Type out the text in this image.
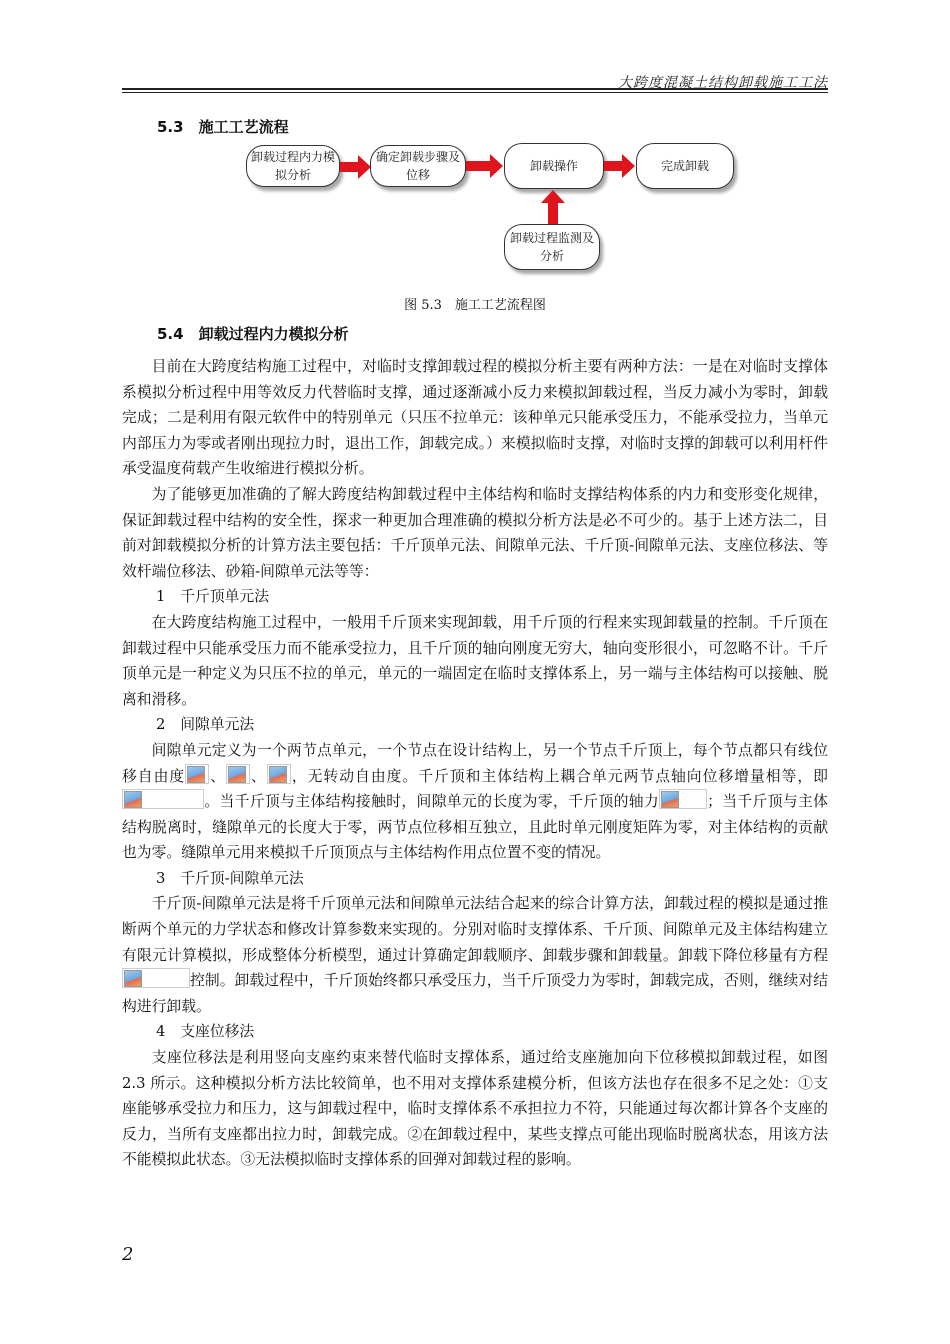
大跨度混凝土结构卸载施工工法
5.3　施工工艺流程
卸载过程内力模拟分析
确定卸载步骤及位移
卸载操作	完成卸载
卸载过程监测及分析
图 5.3　施工工艺流程图
5.4　卸载过程内力模拟分析

目前在大跨度结构施工过程中，对临时支撑卸载过程的模拟分析主要有两种方法：一是在对临时支撑体系模拟分析过程中用等效反力代替临时支撑，通过逐渐减小反力来模拟卸载过程，当反力减小为零时，卸载完成；二是利用有限元软件中的特别单元（只压不拉单元：该种单元只能承受压力，不能承受拉力，当单元内部压力为零或者刚出现拉力时，退出工作，卸载完成。）来模拟临时支撑，对临时支撑的卸载可以利用杆件承受温度荷载产生收缩进行模拟分析。

为了能够更加准确的了解大跨度结构卸载过程中主体结构和临时支撑结构体系的内力和变形变化规律，保证卸载过程中结构的安全性，探求一种更加合理准确的模拟分析方法是必不可少的。基于上述方法二，目前对卸载模拟分析的计算方法主要包括：千斤顶单元法、间隙单元法、千斤顶-间隙单元法、支座位移法、等效杆端位移法、砂箱-间隙单元法等等：

1　千斤顶单元法

在大跨度结构施工过程中，一般用千斤顶来实现卸载，用千斤顶的行程来实现卸载量的控制。千斤顶在卸载过程中只能承受压力而不能承受拉力，且千斤顶的轴向刚度无穷大，轴向变形很小，可忽略不计。千斤顶单元是一种定义为只压不拉的单元，单元的一端固定在临时支撑体系上，另一端与主体结构可以接触、脱离和滑移。

2　间隙单元法

间隙单元定义为一个两节点单元，一个节点在设计结构上，另一个节点千斤顶上，每个节点都只有线位移自由度 、 、 ，无转动自由度。千斤顶和主体结构上耦合单元两节点轴向位移增量相等，即
。当千斤顶与主体结构接触时，间隙单元的长度为零，千斤顶的轴力	；当千斤顶与主体结构脱离时，缝隙单元的长度大于零，两节点位移相互独立，且此时单元刚度矩阵为零，对主体结构的贡献也为零。缝隙单元用来模拟千斤顶顶点与主体结构作用点位置不变的情况。

3　千斤顶-间隙单元法

千斤顶-间隙单元法是将千斤顶单元法和间隙单元法结合起来的综合计算方法，卸载过程的模拟是通过推断两个单元的力学状态和修改计算参数来实现的。分别对临时支撑体系、千斤顶、间隙单元及主体结构建立有限元计算模拟，形成整体分析模型，通过计算确定卸载顺序、卸载步骤和卸载量。卸载下降位移量有方程
控制。卸载过程中，千斤顶始终都只承受压力，当千斤顶受力为零时，卸载完成，否则，继续对结构进行卸载。

4　支座位移法

支座位移法是利用竖向支座约束来替代临时支撑体系，通过给支座施加向下位移模拟卸载过程，如图 2.3 所示。这种模拟分析方法比较简单，也不用对支撑体系建模分析，但该方法也存在很多不足之处：①支座能够承受拉力和压力，这与卸载过程中，临时支撑体系不承担拉力不符，只能通过每次都计算各个支座的反力，当所有支座都出拉力时，卸载完成。②在卸载过程中，某些支撑点可能出现临时脱离状态，用该方法不能模拟此状态。③无法模拟临时支撑体系的回弹对卸载过程的影响。

2
